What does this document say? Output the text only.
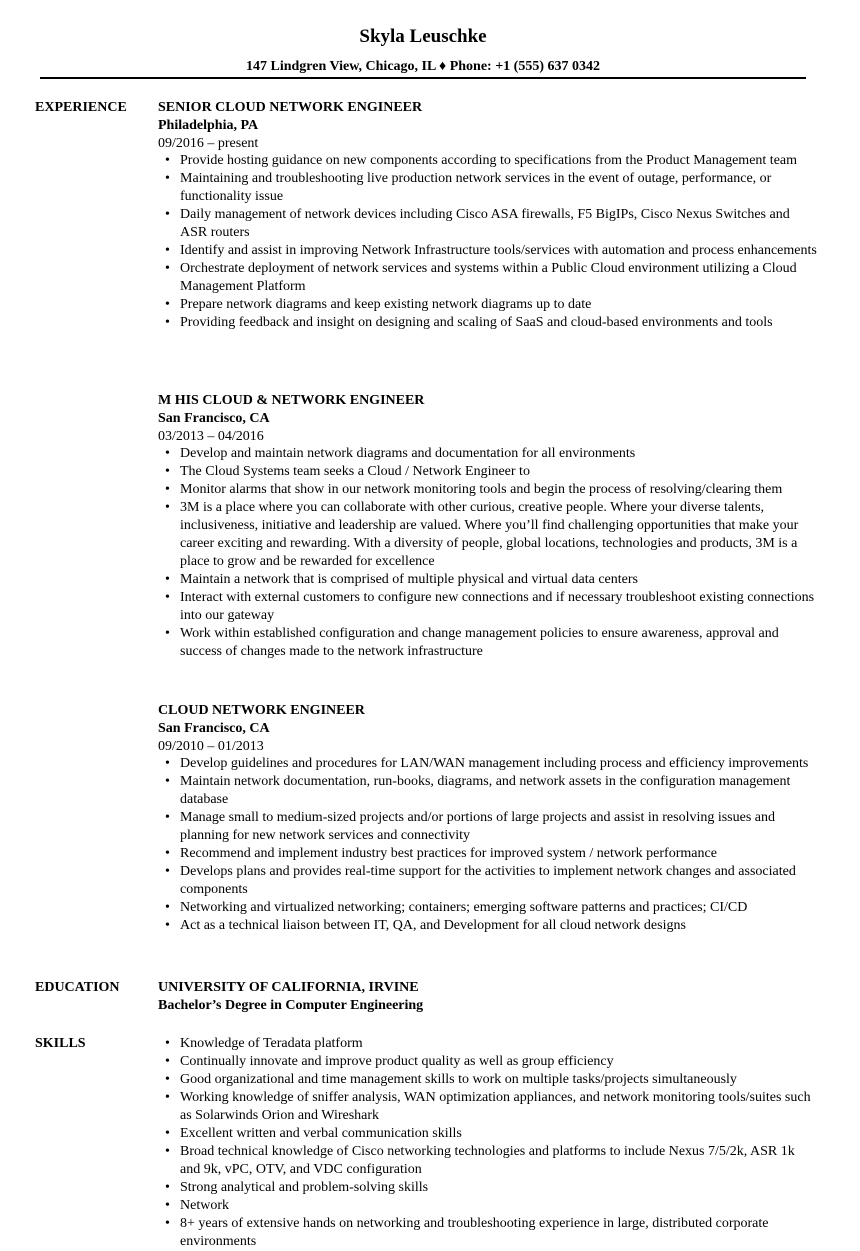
Skyla Leuschke
147 Lindgren View, Chicago, IL ♦ Phone: +1 (555) 637 0342
EXPERIENCE SENIOR CLOUD NETWORK ENGINEER
Philadelphia, PA
09/2016 – present
• Provide hosting guidance on new components according to specifications from the Product Management team
• Maintaining and troubleshooting live production network services in the event of outage, performance, or functionality issue
• Daily management of network devices including Cisco ASA firewalls, F5 BigIPs, Cisco Nexus Switches and ASR routers
• Identify and assist in improving Network Infrastructure tools/services with automation and process enhancements
• Orchestrate deployment of network services and systems within a Public Cloud environment utilizing a Cloud Management Platform
• Prepare network diagrams and keep existing network diagrams up to date
• Providing feedback and insight on designing and scaling of SaaS and cloud-based environments and tools
M HIS CLOUD & NETWORK ENGINEER
San Francisco, CA
03/2013 – 04/2016
• Develop and maintain network diagrams and documentation for all environments
• The Cloud Systems team seeks a Cloud / Network Engineer to
• Monitor alarms that show in our network monitoring tools and begin the process of resolving/clearing them
• 3M is a place where you can collaborate with other curious, creative people. Where your diverse talents, inclusiveness, initiative and leadership are valued. Where you’ll find challenging opportunities that make your career exciting and rewarding. With a diversity of people, global locations, technologies and products, 3M is a place to grow and be rewarded for excellence
• Maintain a network that is comprised of multiple physical and virtual data centers
• Interact with external customers to configure new connections and if necessary troubleshoot existing connections into our gateway
• Work within established configuration and change management policies to ensure awareness, approval and success of changes made to the network infrastructure
CLOUD NETWORK ENGINEER
San Francisco, CA
09/2010 – 01/2013
• Develop guidelines and procedures for LAN/WAN management including process and efficiency improvements
• Maintain network documentation, run-books, diagrams, and network assets in the configuration management database
• Manage small to medium-sized projects and/or portions of large projects and assist in resolving issues and planning for new network services and connectivity
• Recommend and implement industry best practices for improved system / network performance
• Develops plans and provides real-time support for the activities to implement network changes and associated components
• Networking and virtualized networking; containers; emerging software patterns and practices; CI/CD
• Act as a technical liaison between IT, QA, and Development for all cloud network designs
EDUCATION	UNIVERSITY OF CALIFORNIA, IRVINE
Bachelor’s Degree in Computer Engineering
SKILLS
•	Knowledge of Teradata platform
• Continually innovate and improve product quality as well as group efficiency
• Good organizational and time management skills to work on multiple tasks/projects simultaneously
• Working knowledge of sniffer analysis, WAN optimization appliances, and network monitoring tools/suites such as Solarwinds Orion and Wireshark
• Excellent written and verbal communication skills
• Broad technical knowledge of Cisco networking technologies and platforms to include Nexus 7/5/2k, ASR 1k and 9k, vPC, OTV, and VDC configuration
• Strong analytical and problem-solving skills
• Network
• 8+ years of extensive hands on networking and troubleshooting experience in large, distributed corporate environments
